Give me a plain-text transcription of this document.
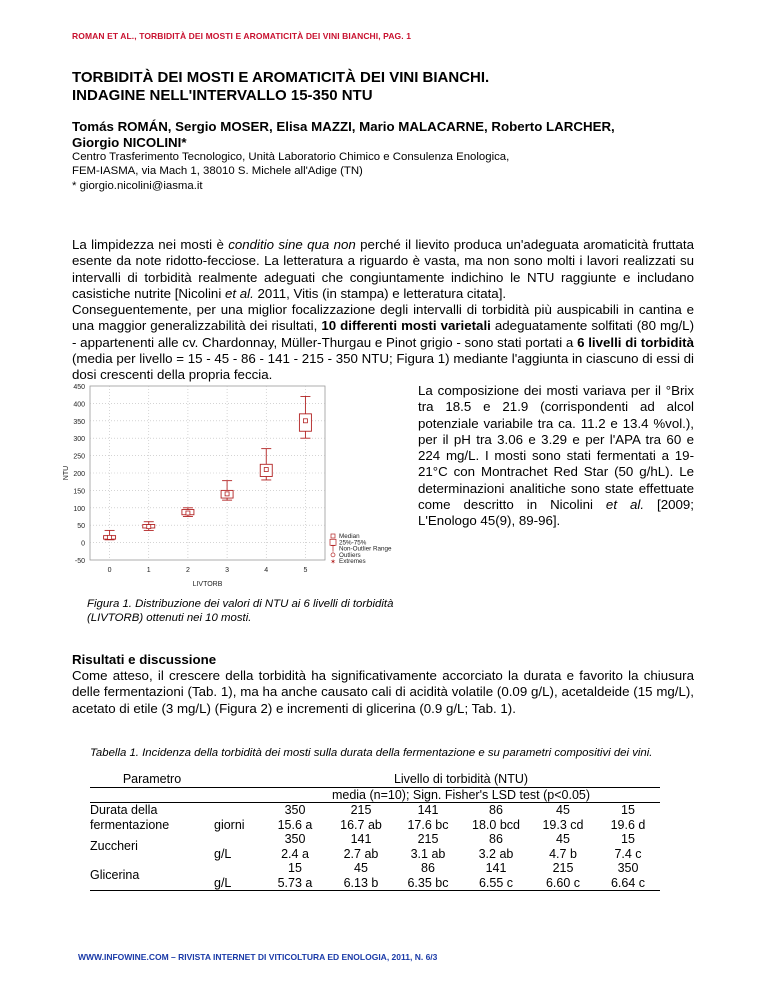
ROMAN ET AL., TORBIDITÀ DEI MOSTI E AROMATICITÀ DEI VINI BIANCHI, PAG. 1
TORBIDITÀ DEI MOSTI E AROMATICITÀ DEI VINI BIANCHI.
INDAGINE NELL'INTERVALLO 15-350 NTU
Tomás ROMÁN, Sergio MOSER, Elisa MAZZI, Mario MALACARNE, Roberto LARCHER,
Giorgio NICOLINI*
Centro Trasferimento Tecnologico, Unità Laboratorio Chimico e Consulenza Enologica,
FEM-IASMA, via Mach 1, 38010 S. Michele all'Adige (TN)
* giorgio.nicolini@iasma.it

La limpidezza nei mosti è conditio sine qua non perché il lievito produca un'adeguata aromaticità fruttata esente da note ridotto-fecciose. La letteratura a riguardo è vasta, ma non sono molti i lavori realizzati su intervalli di torbidità realmente adeguati che congiuntamente indichino le NTU raggiunte e includano casistiche nutrite [Nicolini et al. 2011, Vitis (in stampa) e letteratura citata].

Conseguentemente, per una miglior focalizzazione degli intervalli di torbidità più auspicabili in cantina e una maggior generalizzabilità dei risultati, 10 differenti mosti varietali adeguatamente solfitati (80 mg/L) - appartenenti alle cv. Chardonnay, Müller-Thurgau e Pinot grigio - sono stati portati a 6 livelli di torbidità (media per livello = 15 - 45 - 86 - 141 - 215 - 350 NTU; Figura 1) mediante l'aggiunta in ciascuno di essi di dosi crescenti della propria feccia.

-50
0
50
100
150
200
250
300
350
400
450
0	1	2	3	4	5
LIVTORB
NTU
Median
25%-75%
Non-Outlier Range
Outliers
✶ Extremes
La composizione dei mosti variava per il °Brix tra 18.5 e 21.9 (corrispondenti ad alcol potenziale variabile tra ca. 11.2 e 13.4 %vol.), per il pH tra 3.06 e 3.29 e per l'APA tra 60 e 224 mg/L. I mosti sono stati fermentati a 19-21°C con Montrachet Red Star (50 g/hL). Le determinazioni analitiche sono state effettuate come descritto in Nicolini et al. [2009; L'Enologo 45(9), 89-96].
Figura 1. Distribuzione dei valori di NTU ai 6 livelli di torbidità (LIVTORB) ottenuti nei 10 mosti.
Risultati e discussione
Come atteso, il crescere della torbidità ha significativamente accorciato la durata e favorito la chiusura delle fermentazioni (Tab. 1), ma ha anche causato cali di acidità volatile (0.09 g/L), acetaldeide (15 mg/L), acetato di etile (3 mg/L) (Figura 2) e incrementi di glicerina (0.9 g/L; Tab. 1).
Tabella 1. Incidenza della torbidità dei mosti sulla durata della fermentazione e su parametri compositivi dei vini.
Parametro		Livello di torbidità (NTU)					
		media (n=10); Sign. Fisher's LSD test (p<0.05)					
Durata della		350	215	141	86	45	15
fermentazione	giorni	15.6 a	16.7 ab	17.6 bc	18.0 bcd	19.3 cd	19.6 d
Zuccheri	g/L	350	141	215	86	45	15
		2.4 a	2.7 ab	3.1 ab	3.2 ab	4.7 b	7.4 c
Glicerina	g/L	15	45	86	141	215	350
		5.73 a	6.13 b	6.35 bc	6.55 c	6.60 c	6.64 c
WWW.INFOWINE.COM – RIVISTA INTERNET DI VITICOLTURA ED ENOLOGIA, 2011, N. 6/3
